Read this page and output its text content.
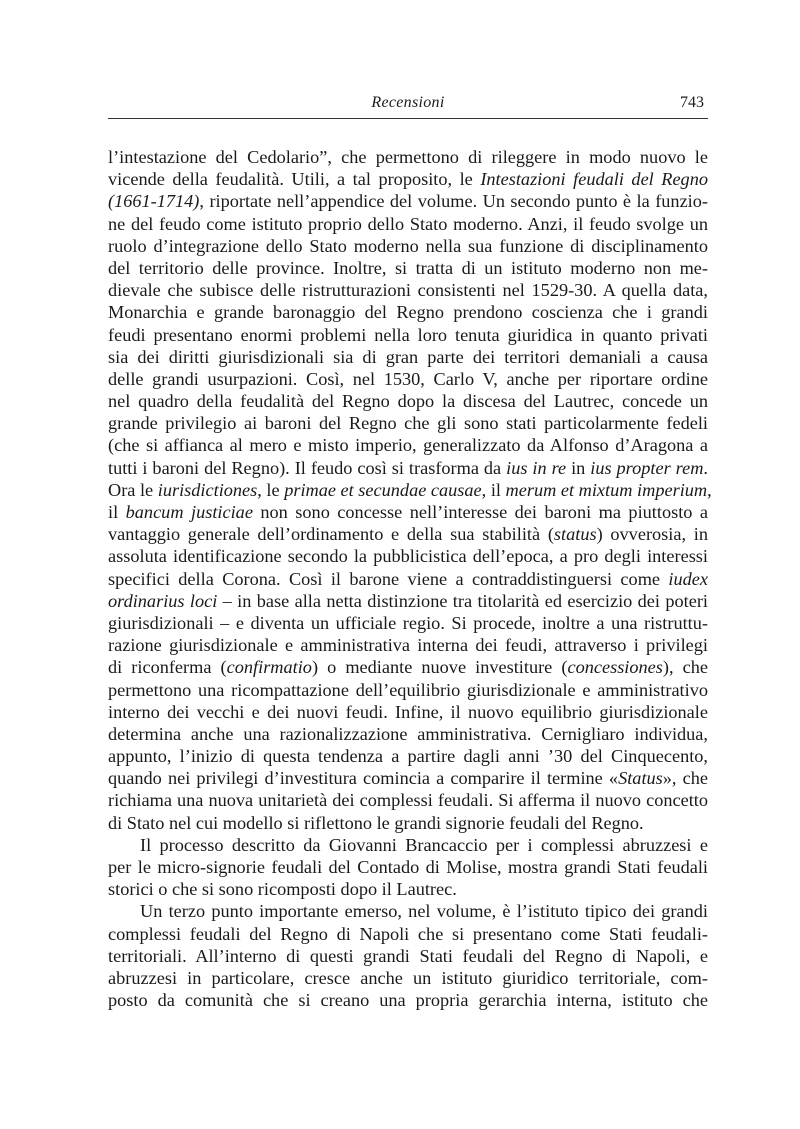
Recensioni	743
l’intestazione del Cedolario”, che permettono di rileggere in modo nuovo le
vicende della feudalità. Utili, a tal proposito, le Intestazioni feudali del Regno
(1661-1714), riportate nell’appendice del volume. Un secondo punto è la funzio-
ne del feudo come istituto proprio dello Stato moderno. Anzi, il feudo svolge un
ruolo d’integrazione dello Stato moderno nella sua funzione di disciplinamento
del territorio delle province. Inoltre, si tratta di un istituto moderno non me-
dievale che subisce delle ristrutturazioni consistenti nel 1529-30. A quella data,
Monarchia e grande baronaggio del Regno prendono coscienza che i grandi
feudi presentano enormi problemi nella loro tenuta giuridica in quanto privati
sia dei diritti giurisdizionali sia di gran parte dei territori demaniali a causa
delle grandi usurpazioni. Così, nel 1530, Carlo V, anche per riportare ordine
nel quadro della feudalità del Regno dopo la discesa del Lautrec, concede un
grande privilegio ai baroni del Regno che gli sono stati particolarmente fedeli
(che si affianca al mero e misto imperio, generalizzato da Alfonso d’Aragona a
tutti i baroni del Regno). Il feudo così si trasforma da ius in re in ius propter rem.
Ora le iurisdictiones, le primae et secundae causae, il merum et mixtum imperium,
il bancum justiciae non sono concesse nell’interesse dei baroni ma piuttosto a
vantaggio generale dell’ordinamento e della sua stabilità (status) ovverosia, in
assoluta identificazione secondo la pubblicistica dell’epoca, a pro degli interessi
specifici della Corona. Così il barone viene a contraddistinguersi come iudex
ordinarius loci – in base alla netta distinzione tra titolarità ed esercizio dei poteri
giurisdizionali – e diventa un ufficiale regio. Si procede, inoltre a una ristruttu-
razione giurisdizionale e amministrativa interna dei feudi, attraverso i privilegi
di riconferma (confirmatio) o mediante nuove investiture (concessiones), che
permettono una ricompattazione dell’equilibrio giurisdizionale e amministrativo
interno dei vecchi e dei nuovi feudi. Infine, il nuovo equilibrio giurisdizionale
determina anche una razionalizzazione amministrativa. Cernigliaro individua,
appunto, l’inizio di questa tendenza a partire dagli anni ’30 del Cinquecento,
quando nei privilegi d’investitura comincia a comparire il termine «Status», che
richiama una nuova unitarietà dei complessi feudali. Si afferma il nuovo concetto
di Stato nel cui modello si riflettono le grandi signorie feudali del Regno.
Il processo descritto da Giovanni Brancaccio per i complessi abruzzesi e
per le micro-signorie feudali del Contado di Molise, mostra grandi Stati feudali
storici o che si sono ricomposti dopo il Lautrec.
Un terzo punto importante emerso, nel volume, è l’istituto tipico dei grandi
complessi feudali del Regno di Napoli che si presentano come Stati feudali-
territoriali. All’interno di questi grandi Stati feudali del Regno di Napoli, e
abruzzesi in particolare, cresce anche un istituto giuridico territoriale, com-
posto da comunità che si creano una propria gerarchia interna, istituto che
